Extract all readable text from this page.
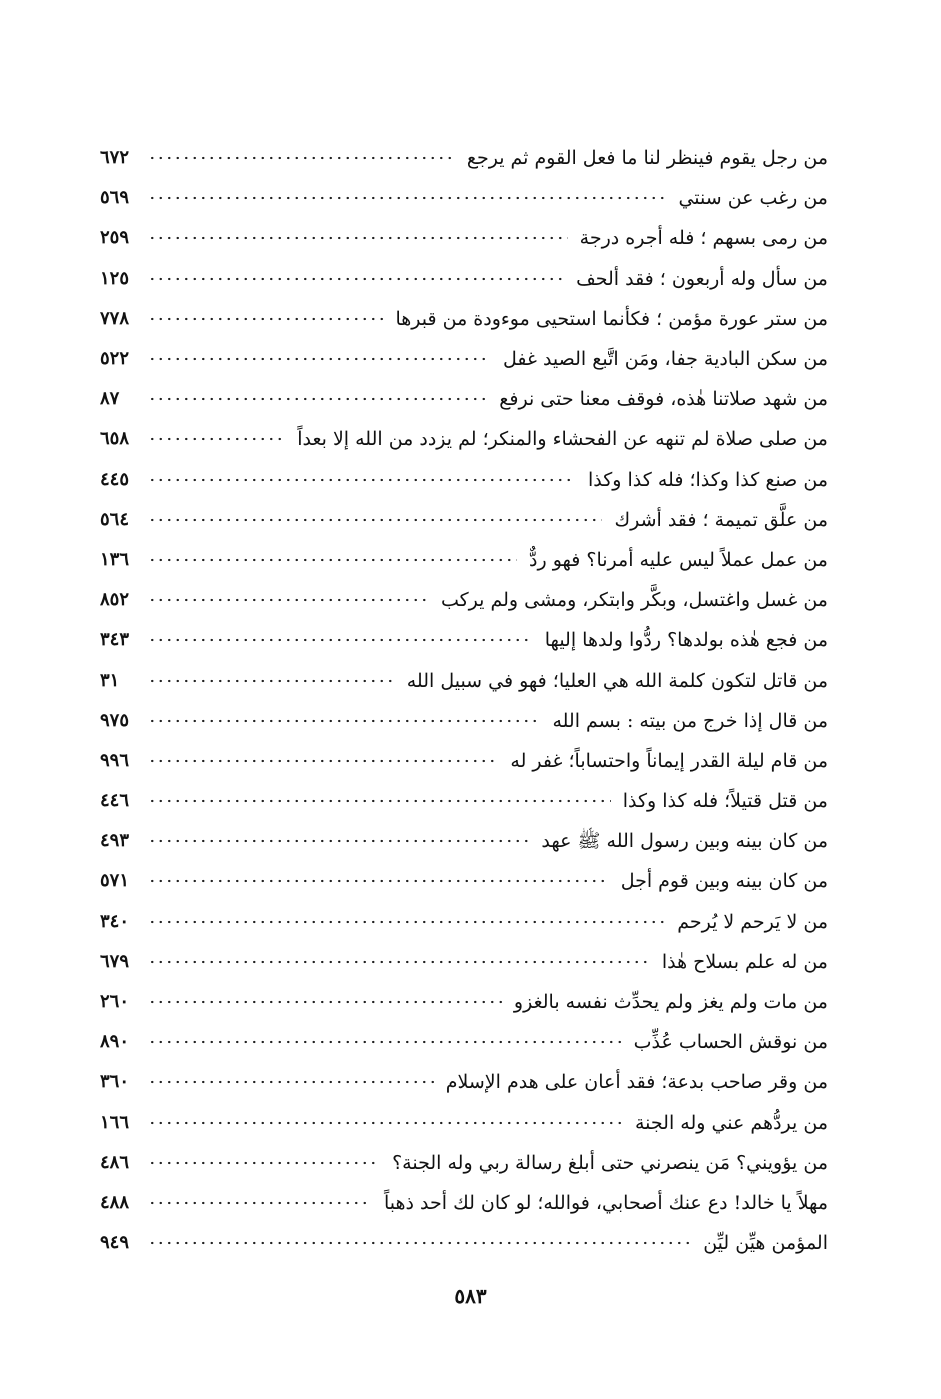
من رجل يقوم فينظر لنا ما فعل القوم ثم يرجع
٦٧٢
من رغب عن سنتي
٥٦٩
من رمى بسهم ؛ فله أجره درجة
٢٥٩
من سأل وله أربعون ؛ فقد ألحف
١٢٥
من ستر عورة مؤمن ؛ فكأنما استحيى موءودة من قبرها
٧٧٨
من سكن البادية جفا، ومَن اتَّبع الصيد غفل
٥٢٢
من شهد صلاتنا هٰذه، فوقف معنا حتى نرفع
٨٧
من صلى صلاة لم تنهه عن الفحشاء والمنكر؛ لم يزدد من الله إلا بعداً
٦٥٨
من صنع كذا وكذا؛ فله كذا وكذا
٤٤٥
من علَّق تميمة ؛ فقد أشرك
٥٦٤
من عمل عملاً ليس عليه أمرنا؟ فهو ردٌّ
١٣٦
من غسل واغتسل، وبكَّر وابتكر، ومشى ولم يركب
٨٥٢
من فجع هٰذه بولدها؟ ردُّوا ولدها إليها
٣٤٣
من قاتل لتكون كلمة الله هي العليا؛ فهو في سبيل الله
٣١
من قال إذا خرج من بيته : بسم الله
٩٧٥
من قام ليلة القدر إيماناً واحتساباً؛ غفر له
٩٩٦
من قتل قتيلاً؛ فله كذا وكذا
٤٤٦
من كان بينه وبين رسول الله ﷺ عهد
٤٩٣
من كان بينه وبين قوم أجل
٥٧١
من لا يَرحم لا يُرحم
٣٤٠
من له علم بسلاح هٰذا
٦٧٩
من مات ولم يغز ولم يحدِّث نفسه بالغزو
٢٦٠
من نوقش الحساب عُذِّب
٨٩٠
من وقر صاحب بدعة؛ فقد أعان على هدم الإسلام
٣٦٠
من يردُّهم عني وله الجنة
١٦٦
من يؤويني؟ مَن ينصرني حتى أبلغ رسالة ربي وله الجنة؟
٤٨٦
مهلاً يا خالد! دع عنك أصحابي، فوالله؛ لو كان لك أحد ذهباً
٤٨٨
المؤمن هيِّن ليِّن
٩٤٩
٥٨٣
